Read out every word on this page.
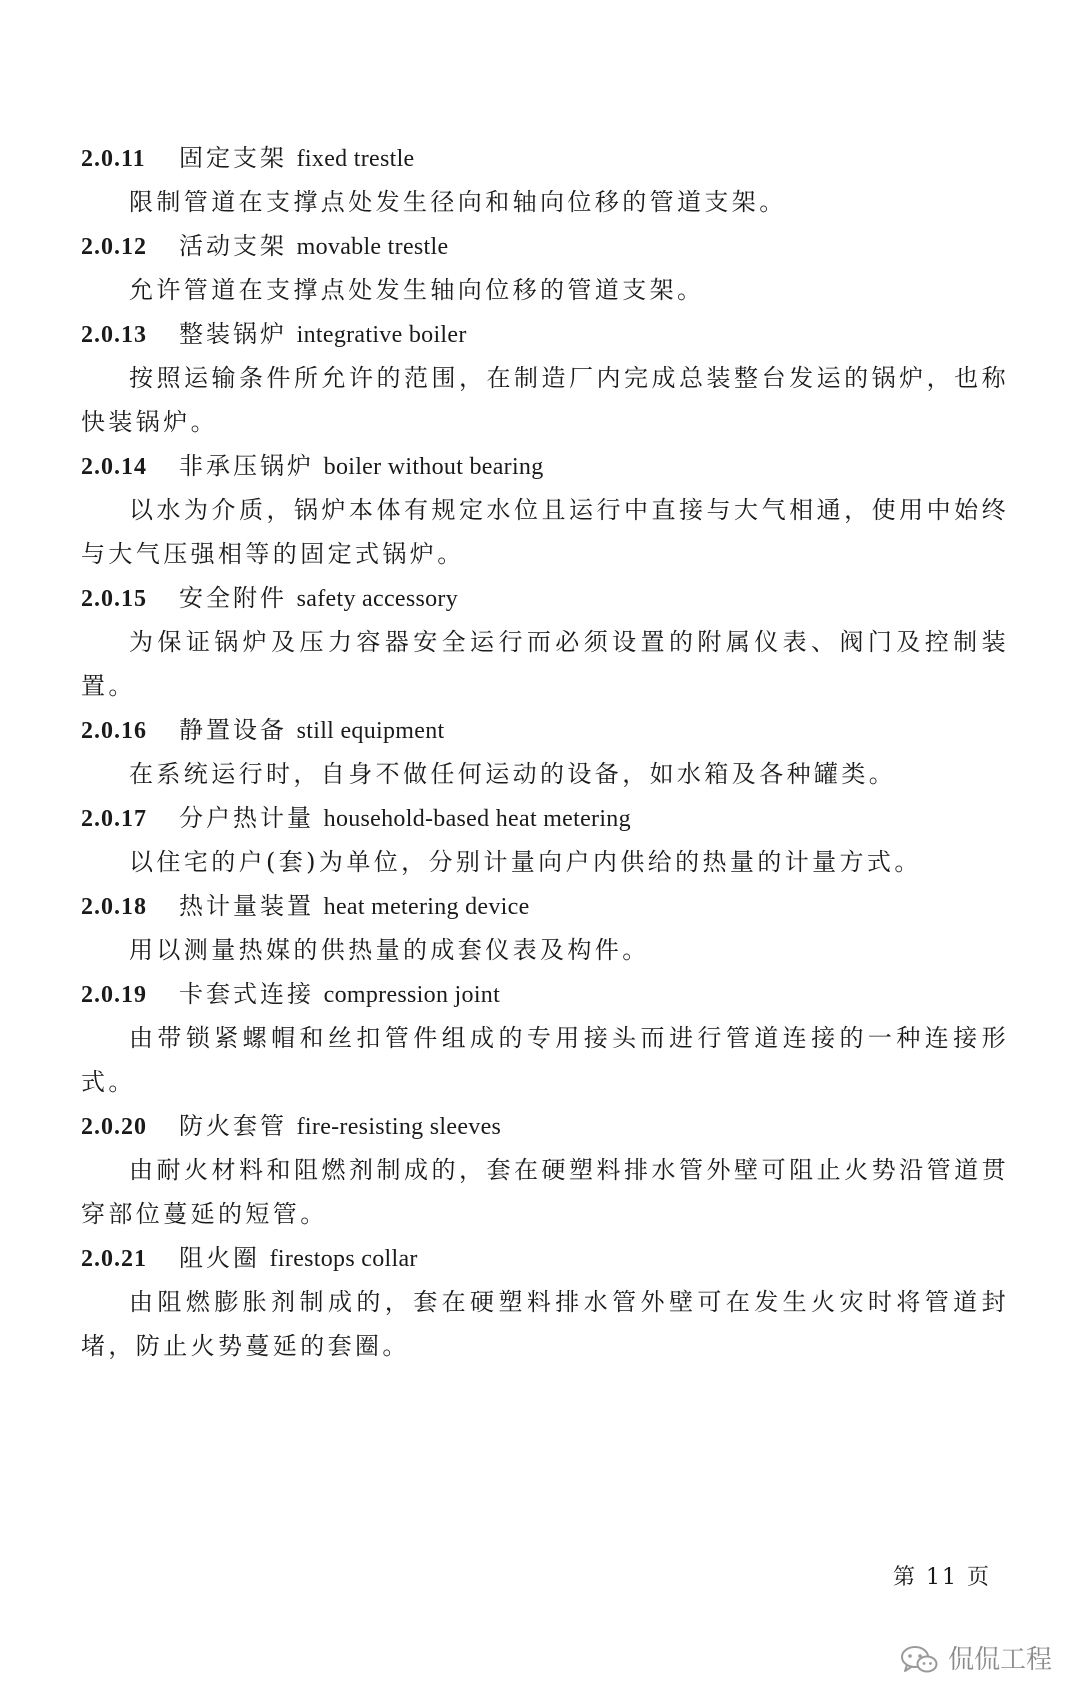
2.0.11 固定支架 fixed trestle

限制管道在支撑点处发生径向和轴向位移的管道支架。

2.0.12 活动支架 movable trestle

允许管道在支撑点处发生轴向位移的管道支架。

2.0.13 整装锅炉 integrative boiler

按照运输条件所允许的范围，在制造厂内完成总装整台发运的锅炉，也称快装锅炉。

2.0.14 非承压锅炉 boiler without bearing

以水为介质，锅炉本体有规定水位且运行中直接与大气相通，使用中始终与大气压强相等的固定式锅炉。

2.0.15 安全附件 safety accessory

为保证锅炉及压力容器安全运行而必须设置的附属仪表、阀门及控制装置。

2.0.16 静置设备 still equipment

在系统运行时，自身不做任何运动的设备，如水箱及各种罐类。

2.0.17 分户热计量 household-based heat metering

以住宅的户(套)为单位，分别计量向户内供给的热量的计量方式。

2.0.18 热计量装置 heat metering device

用以测量热媒的供热量的成套仪表及构件。

2.0.19 卡套式连接 compression joint

由带锁紧螺帽和丝扣管件组成的专用接头而进行管道连接的一种连接形式。

2.0.20 防火套管 fire-resisting sleeves

由耐火材料和阻燃剂制成的，套在硬塑料排水管外壁可阻止火势沿管道贯穿部位蔓延的短管。

2.0.21 阻火圈 firestops collar

由阻燃膨胀剂制成的，套在硬塑料排水管外壁可在发生火灾时将管道封堵，防止火势蔓延的套圈。

第 11 页
侃侃工程
